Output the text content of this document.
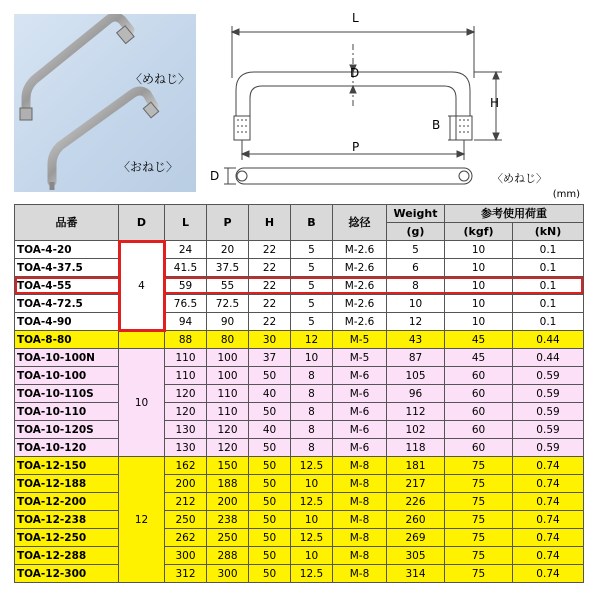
〈めねじ〉
〈おねじ〉
L
D
H
B
P
D	〈めねじ〉
(mm)
品番	D	L	P	H	B	捻径	Weight	参考使用荷重	
							(g)	(kgf)	(kN)
TOA-4-20	4	24	20	22	5	M-2.6	5	10	0.1
TOA-4-37.5		41.5	37.5	22	5	M-2.6	6	10	0.1
TOA-4-55		59	55	22	5	M-2.6	8	10	0.1
TOA-4-72.5		76.5	72.5	22	5	M-2.6	10	10	0.1
TOA-4-90		94	90	22	5	M-2.6	12	10	0.1
TOA-8-80		88	80	30	12	M-5	43	45	0.44
TOA-10-100N	10	110	100	37	10	M-5	87	45	0.44
TOA-10-100		110	100	50	8	M-6	105	60	0.59
TOA-10-110S		120	110	40	8	M-6	96	60	0.59
TOA-10-110		120	110	50	8	M-6	112	60	0.59
TOA-10-120S		130	120	40	8	M-6	102	60	0.59
TOA-10-120		130	120	50	8	M-6	118	60	0.59
TOA-12-150	12	162	150	50	12.5	M-8	181	75	0.74
TOA-12-188		200	188	50	10	M-8	217	75	0.74
TOA-12-200		212	200	50	12.5	M-8	226	75	0.74
TOA-12-238		250	238	50	10	M-8	260	75	0.74
TOA-12-250		262	250	50	12.5	M-8	269	75	0.74
TOA-12-288		300	288	50	10	M-8	305	75	0.74
TOA-12-300		312	300	50	12.5	M-8	314	75	0.74
